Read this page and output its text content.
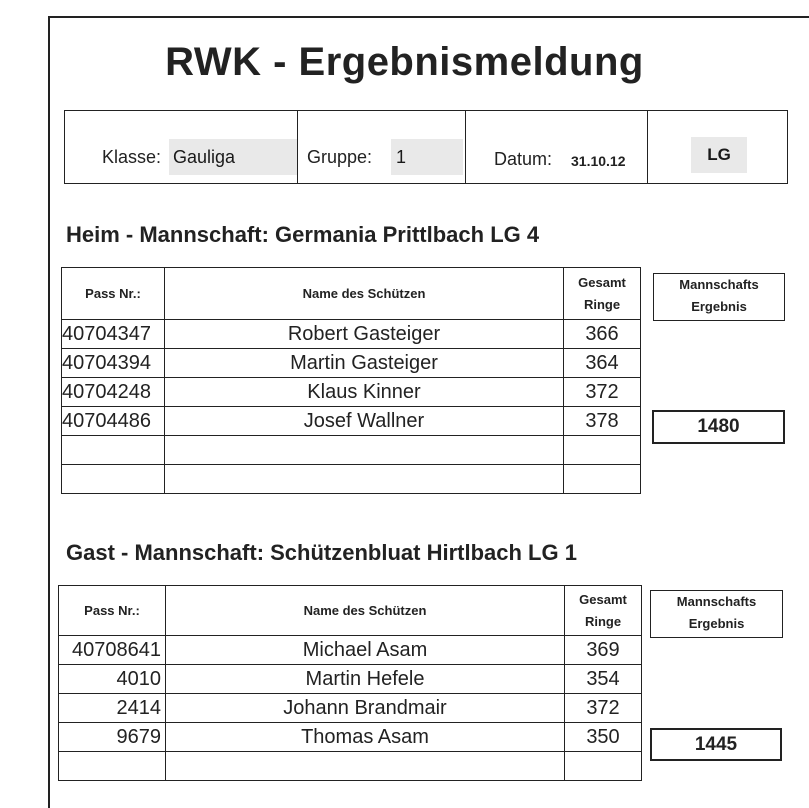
RWK - Ergebnismeldung
Klasse: Gauliga	Gruppe: 1	Datum: 31.10.12	LG
Heim - Mannschaft: Germania Prittlbach LG 4
Pass Nr.:	Name des Schützen	Gesamt
Ringe

40704347	Robert Gasteiger	366
40704394	Martin Gasteiger	364
40704248	Klaus Kinner	372
40704486	Josef Wallner	378

Mannschafts
Ergebnis
1480
Gast - Mannschaft: Schützenbluat Hirtlbach LG 1
Pass Nr.:	Name des Schützen	Gesamt
Ringe

40708641	Michael Asam	369
4010	Martin Hefele	354
2414	Johann Brandmair	372
9679	Thomas Asam	350

Mannschafts
Ergebnis
1445
